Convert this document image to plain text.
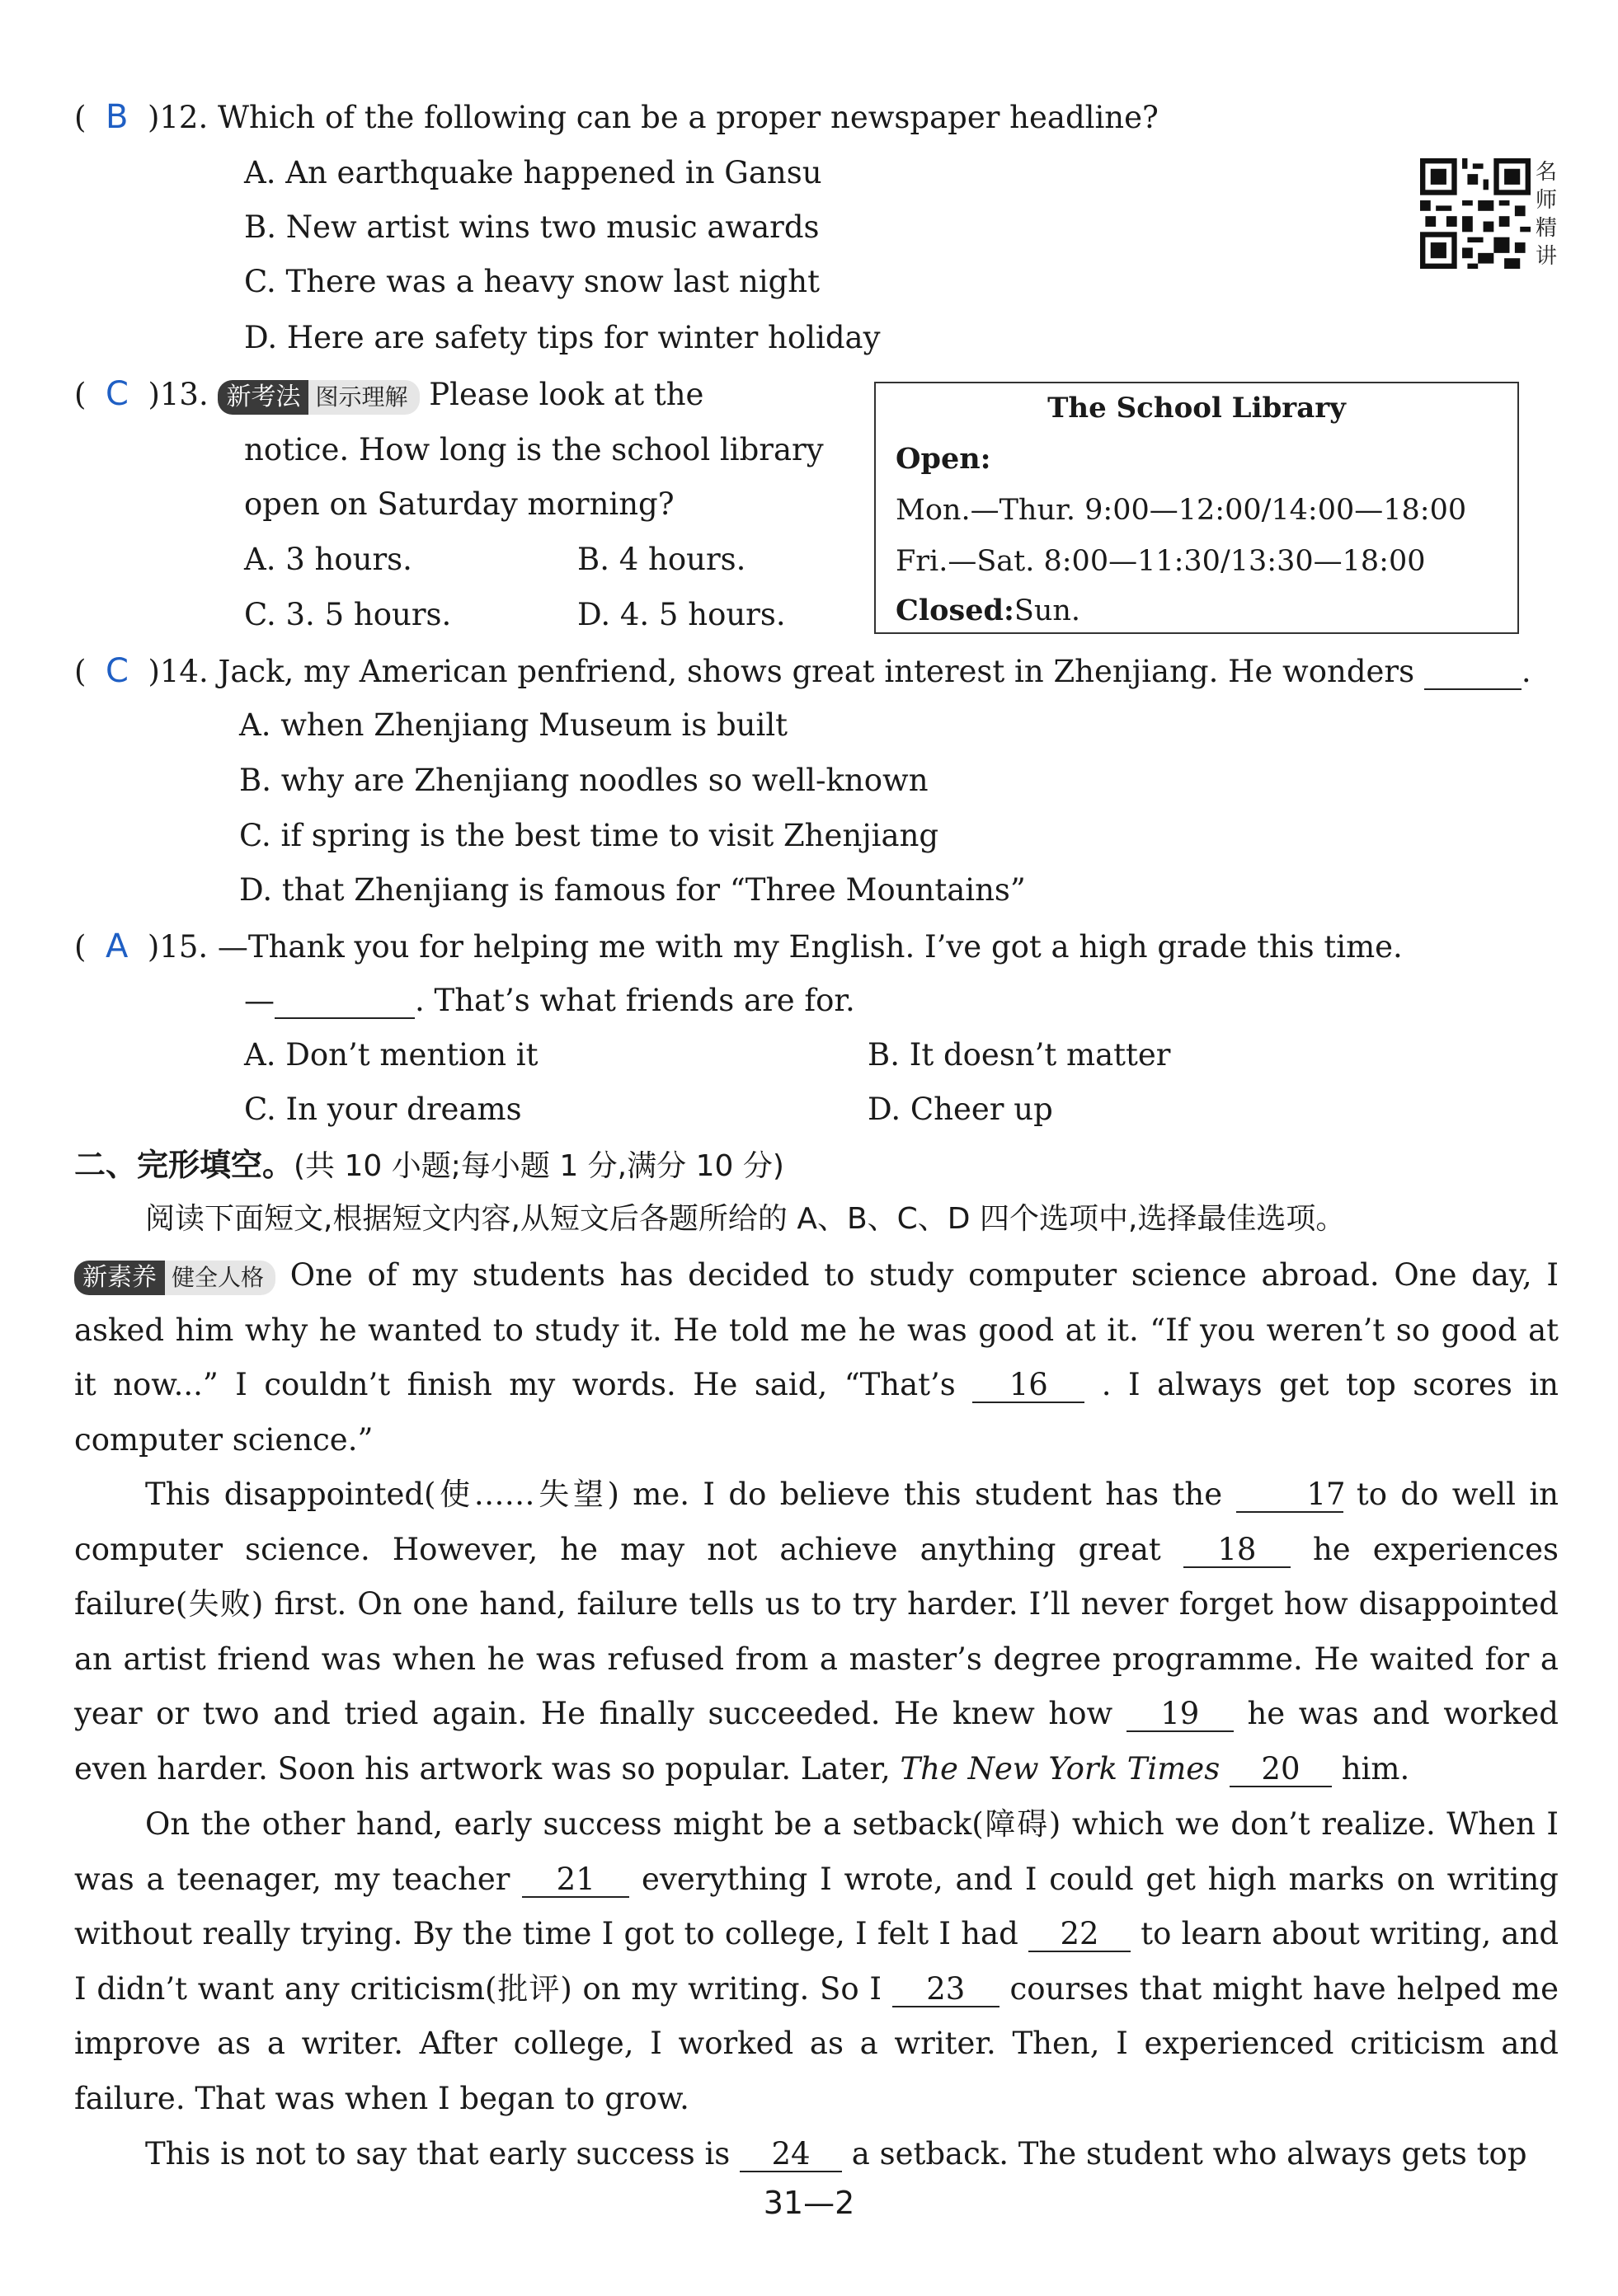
(  B )12. Which of the following can be a proper newspaper headline?
A. An earthquake happened in Gansu
B. New artist wins two music awards
C. There was a heavy snow last night
D. Here are safety tips for winter holiday
名师精讲
(  C )13. 新考法 图示理解 Please look at the
notice. How long is the school library
open on Saturday morning?
A. 3 hours.	B. 4 hours.
C. 3. 5 hours.	D. 4. 5 hours.
The School Library
Open:
Mon.—Thur. 9:00—12:00/14:00—18:00
Fri.—Sat. 8:00—11:30/13:30—18:00
Closed:Sun.
(  C )14. Jack, my American penfriend, shows great interest in Zhenjiang. He wonders	.
A. when Zhenjiang Museum is built
B. why are Zhenjiang noodles so well-known
C. if spring is the best time to visit Zhenjiang
D. that Zhenjiang is famous for “Three Mountains”
(  A )15. —Thank you for helping me with my English. I’ve got a high grade this time.
—	. That’s what friends are for.
A. Don’t mention it	B. It doesn’t matter
C. In your dreams	D. Cheer up
二、完形填空。(共 10 小题;每小题 1 分,满分 10 分)
阅读下面短文,根据短文内容,从短文后各题所给的 A、B、C、D 四个选项中,选择最佳选项。
新素养 健全人格 One of my students has decided to study computer science abroad. One day, I asked him why he wanted to study it. He told me he was good at it. “If you weren’t so good at it now...” I couldn’t finish my words. He said, “That’s 16 . I always get top scores in computer science.”
This disappointed(使……失望) me. I do believe this student has the 17 to do well in computer science. However, he may not achieve anything great 18 he experiences failure(失败) first. On one hand, failure tells us to try harder. I’ll never forget how disappointed an artist friend was when he was refused from a master’s degree programme. He waited for a year or two and tried again. He finally succeeded. He knew how 19 he was and worked even harder. Soon his artwork was so popular. Later, The New York Times 20 him.
On the other hand, early success might be a setback(障碍) which we don’t realize. When I was a teenager, my teacher 21 everything I wrote, and I could get high marks on writing without really trying. By the time I got to college, I felt I had 22 to learn about writing, and I didn’t want any criticism(批评) on my writing. So I 23 courses that might have helped me improve as a writer. After college, I worked as a writer. Then, I experienced criticism and failure. That was when I began to grow.
This is not to say that early success is 24 a setback. The student who always gets top
31—2
